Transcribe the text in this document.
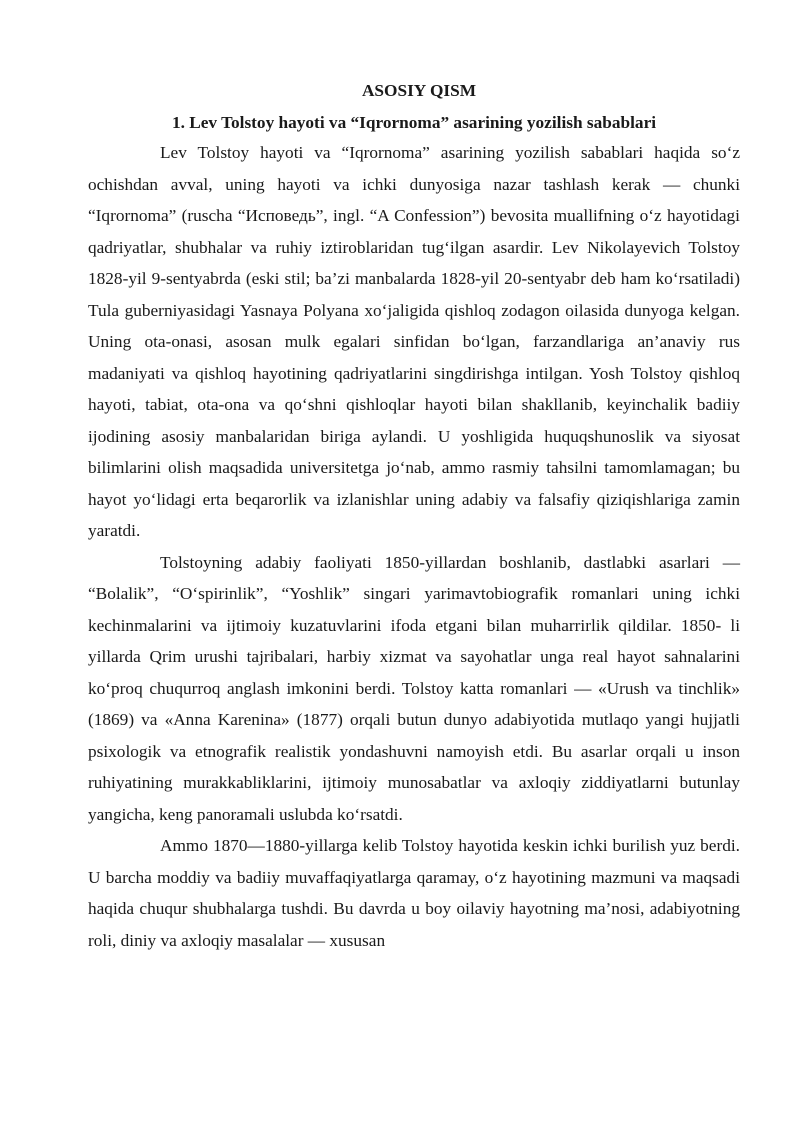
ASOSIY QISM
1. Lev Tolstoy hayoti va “Iqrornoma” asarining yozilish sabablari

Lev Tolstoy hayoti va “Iqrornoma” asarining yozilish sabablari haqida so‘z ochishdan avval, uning hayoti va ichki dunyosiga nazar tashlash kerak — chunki “Iqrornoma” (ruscha “Исповедь”, ingl. “A Confession”) bevosita muallifning o‘z hayotidagi qadriyatlar, shubhalar va ruhiy iztiroblaridan tug‘ilgan asardir. Lev Nikolayevich Tolstoy 1828-yil 9-sentyabrda (eski stil; ba’zi manbalarda 1828-yil 20-sentyabr deb ham ko‘rsatiladi) Tula guberniyasidagi Yasnaya Polyana xo‘jaligida qishloq zodagon oilasida dunyoga kelgan. Uning ota-onasi, asosan mulk egalari sinfidan bo‘lgan, farzandlariga an’anaviy rus madaniyati va qishloq hayotining qadriyatlarini singdirishga intilgan. Yosh Tolstoy qishloq hayoti, tabiat, ota-ona va qo‘shni qishloqlar hayoti bilan shakllanib, keyinchalik badiiy ijodining asosiy manbalaridan biriga aylandi. U yoshligida huquqshunoslik va siyosat bilimlarini olish maqsadida universitetga jo‘nab, ammo rasmiy tahsilni tamomlamagan; bu hayot yo‘lidagi erta beqarorlik va izlanishlar uning adabiy va falsafiy qiziqishlariga zamin yaratdi.

Tolstoyning adabiy faoliyati 1850-yillardan boshlanib, dastlabki asarlari — “Bolalik”, “O‘spirinlik”, “Yoshlik” singari yarimavtobiografik romanlari uning ichki kechinmalarini va ijtimoiy kuzatuvlarini ifoda etgani bilan muharrirlik qildilar. 1850- li yillarda Qrim urushi tajribalari, harbiy xizmat va sayohatlar unga real hayot sahnalarini ko‘proq chuqurroq anglash imkonini berdi. Tolstoy katta romanlari — «Urush va tinchlik» (1869) va «Anna Karenina» (1877) orqali butun dunyo adabiyotida mutlaqo yangi hujjatli psixologik va etnografik realistik yondashuvni namoyish etdi. Bu asarlar orqali u inson ruhiyatining murakkabliklarini, ijtimoiy munosabatlar va axloqiy ziddiyatlarni butunlay yangicha, keng panoramali uslubda ko‘rsatdi.

Ammo 1870—1880-yillarga kelib Tolstoy hayotida keskin ichki burilish yuz berdi. U barcha moddiy va badiiy muvaffaqiyatlarga qaramay, o‘z hayotining mazmuni va maqsadi haqida chuqur shubhalarga tushdi. Bu davrda u boy oilaviy hayotning ma’nosi, adabiyotning roli, diniy va axloqiy masalalar — xususan
